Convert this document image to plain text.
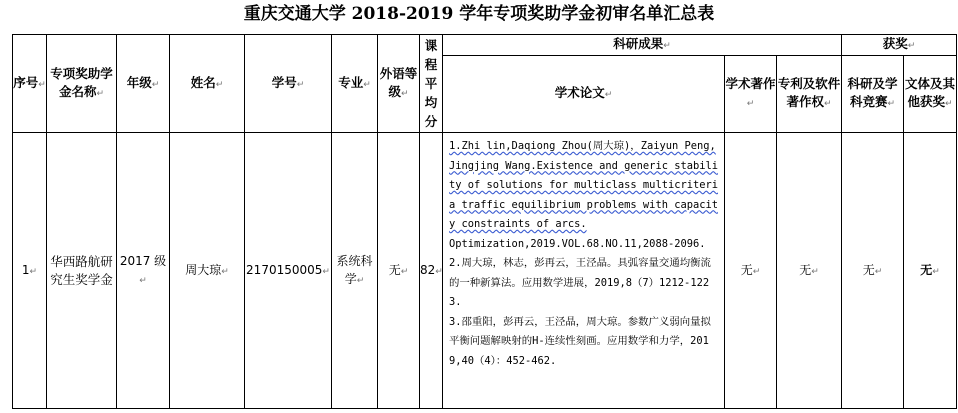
重庆交通大学 2018-2019 学年专项奖助学金初审名单汇总表
序号 ↵	专项奖助学金名称 ↵	年级 ↵	姓名 ↵	学号 ↵	专业 ↵	外语等级 ↵	课程平均分	科研成果 ↵			获奖 ↵
								学术论文 ↵	学术著作 ↵	专利及软件著作权 ↵	科研及学科竞赛 ↵	文体及其他获奖 ↵
1 ↵	华西路航研究生奖学金	2017 级 ↵	周大琼 ↵	2170150005 ↵	系统科学 ↵	无 ↵	82 ↵	1.Zhi lin,Daqiong Zhou(周大琼)，Zaiyun Peng,Jingjing Wang.Existence and generic stability of solutions for multiclass multicriteria traffic equilibrium problems with capacity constraints of arcs.
Optimization,2019.VOL.68.NO.11,2088-2096.
2.周大琼，林志，彭再云，王泾晶。具弧容量交通均衡流的一种新算法。应用数学进展，2019,8（7）1212-1223.
3.邵重阳，彭再云，王泾晶，周大琼。参数广义弱向量拟平衡问题解映射的H-连续性刻画。应用数学和力学，2019,40（4）：452-462.	无 ↵	无 ↵	无 ↵	无 ↵
